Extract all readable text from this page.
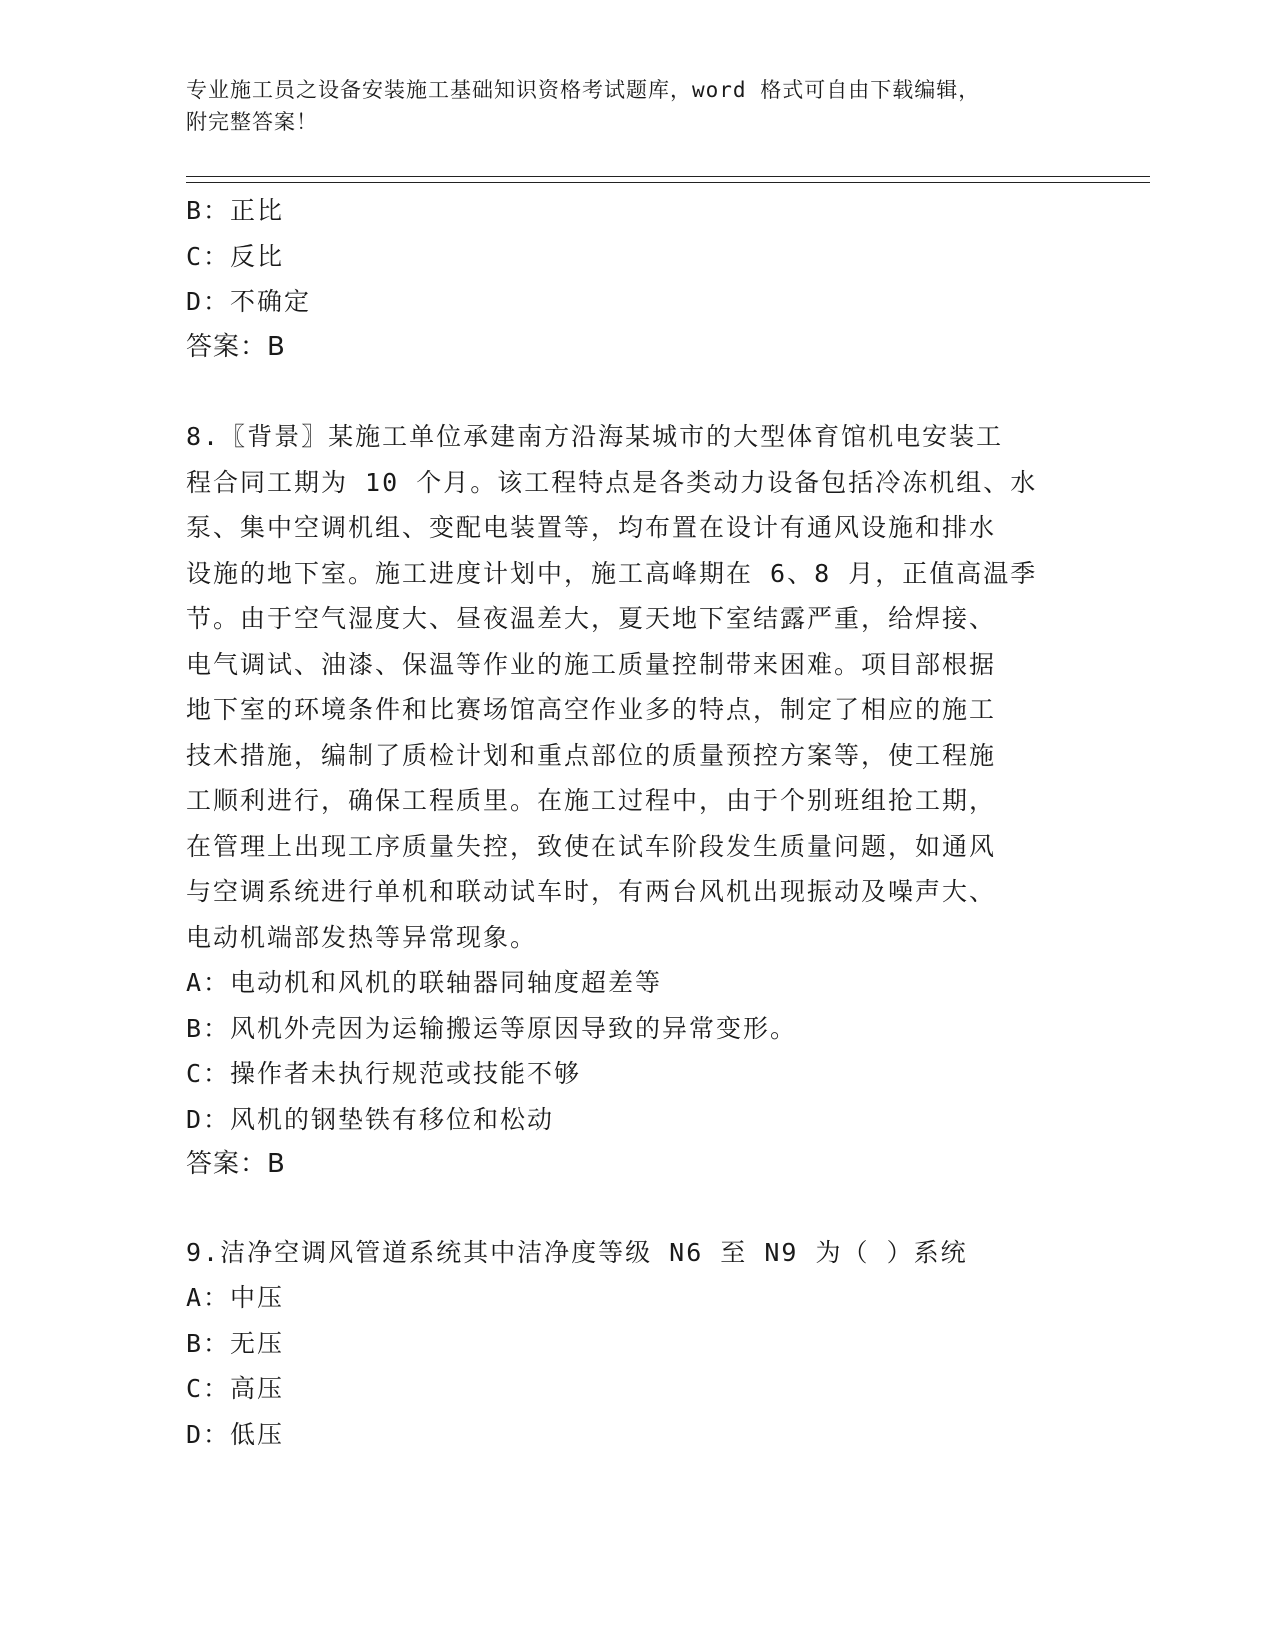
专业施工员之设备安装施工基础知识资格考试题库，word 格式可自由下载编辑，
附完整答案！
B：正比
C：反比
D：不确定
答案：B
8.〖背景〗某施工单位承建南方沿海某城市的大型体育馆机电安装工
程合同工期为 10 个月。该工程特点是各类动力设备包括冷冻机组、水
泵、集中空调机组、变配电装置等，均布置在设计有通风设施和排水
设施的地下室。施工进度计划中，施工高峰期在 6、8 月，正值高温季
节。由于空气湿度大、昼夜温差大，夏天地下室结露严重，给焊接、
电气调试、油漆、保温等作业的施工质量控制带来困难。项目部根据
地下室的环境条件和比赛场馆高空作业多的特点，制定了相应的施工
技术措施，编制了质检计划和重点部位的质量预控方案等，使工程施
工顺利进行，确保工程质里。在施工过程中，由于个别班组抢工期，
在管理上出现工序质量失控，致使在试车阶段发生质量问题，如通风
与空调系统进行单机和联动试车时，有两台风机出现振动及噪声大、
电动机端部发热等异常现象。
A：电动机和风机的联轴器同轴度超差等
B：风机外壳因为运输搬运等原因导致的异常变形。
C：操作者未执行规范或技能不够
D：风机的钢垫铁有移位和松动
答案：B
9.洁净空调风管道系统其中洁净度等级 N6 至 N9 为（ ）系统
A：中压
B：无压
C：高压
D：低压
